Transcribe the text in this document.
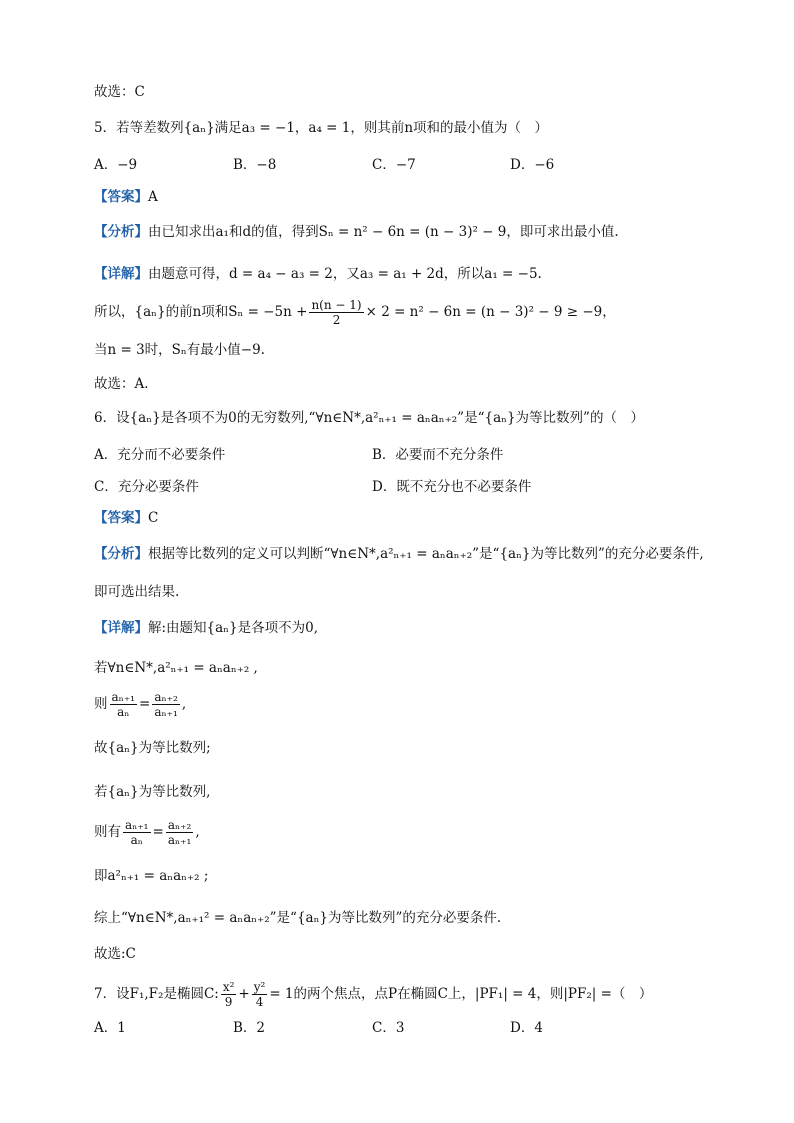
故选：C
5．若等差数列{aₙ}满足a₃ = −1，a₄ = 1，则其前n项和的最小值为（　）
A．−9	B．−8	C．−7	D．−6
【答案】A
【分析】由已知求出a₁和d的值，得到Sₙ = n² − 6n = (n − 3)² − 9，即可求出最小值.
【详解】由题意可得，d = a₄ − a₃ = 2，又a₃ = a₁ + 2d，所以a₁ = −5.
所以，{aₙ}的前n项和$S_n = -5n + \frac{n(n - 1)}{2} \times 2 = n^2 - 6n = (n - 3)^2 - 9 \ge -9$，
当n = 3时，Sₙ有最小值−9.
故选：A.
6．设{aₙ}是各项不为0的无穷数列,“∀n∈N*,a²ₙ₊₁ = aₙaₙ₊₂”是“{aₙ}为等比数列”的（　）
A．充分而不必要条件	B．必要而不充分条件
C．充分必要条件	D．既不充分也不必要条件
【答案】C
【分析】根据等比数列的定义可以判断“∀n∈N*,a²ₙ₊₁ = aₙaₙ₊₂”是“{aₙ}为等比数列”的充分必要条件,
即可选出结果.
【详解】解:由题知{aₙ}是各项不为0,
若∀n∈N*,a²ₙ₊₁ = aₙaₙ₊₂ ,
则 $\frac{\text{aₙ₊₁}}{\text{aₙ}} = \frac{\text{aₙ₊₂}}{\text{aₙ₊₁}}$ ,
故{aₙ}为等比数列;
若{aₙ}为等比数列,
则有 $\frac{\text{aₙ₊₁}}{\text{aₙ}} = \frac{\text{aₙ₊₂}}{\text{aₙ₊₁}}$ ,
即a²ₙ₊₁ = aₙaₙ₊₂ ;
综上“∀n∈N*,aₙ₊₁² = aₙaₙ₊₂”是“{aₙ}为等比数列”的充分必要条件.
故选:C
7．设F₁,F₂是椭圆C: $\frac{\text{x²}}{9} + \frac{\text{y²}}{4} = 1$的两个焦点，点P在椭圆C上，|PF₁| = 4，则|PF₂| =（　）
A．1	B．2	C．3	D．4
